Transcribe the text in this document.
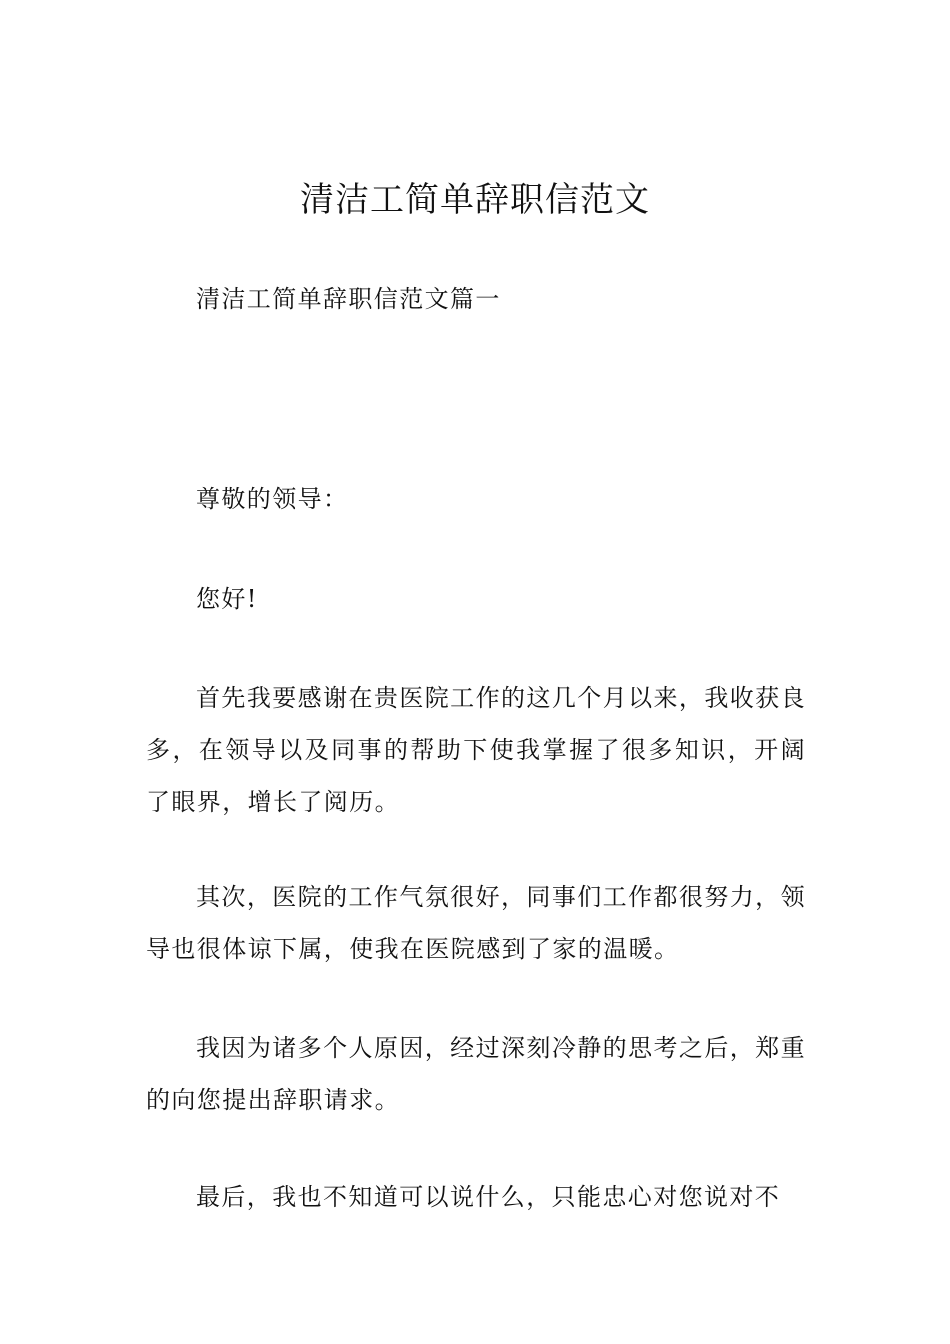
清洁工简单辞职信范文

清洁工简单辞职信范文篇一

尊敬的领导：

您好!

首先我要感谢在贵医院工作的这几个月以来，我收获良多，在领导以及同事的帮助下使我掌握了很多知识，开阔了眼界，增长了阅历。

其次，医院的工作气氛很好，同事们工作都很努力，领导也很体谅下属，使我在医院感到了家的温暖。

我因为诸多个人原因，经过深刻冷静的思考之后，郑重的向您提出辞职请求。

最后，我也不知道可以说什么，只能忠心对您说对不
